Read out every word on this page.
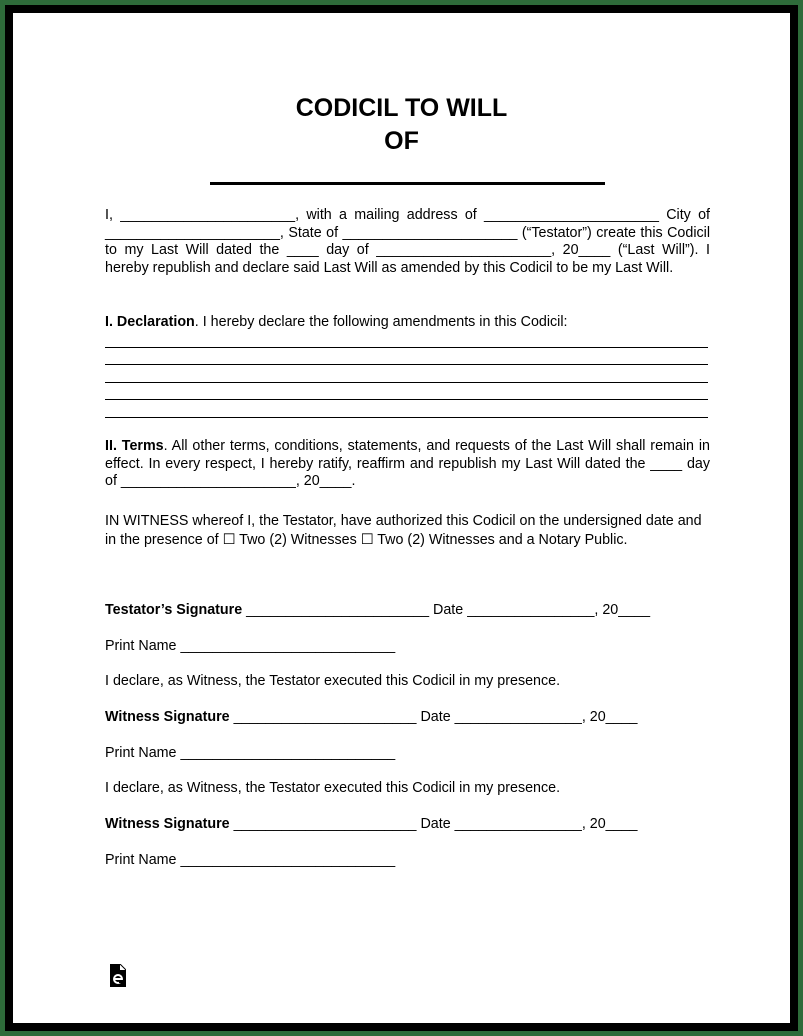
CODICIL TO WILL
OF
I, ______________________, with a mailing address of ______________________ City of ______________________, State of ______________________ (“Testator”) create this Codicil to my Last Will dated the ____ day of ______________________, 20____ (“Last Will”). I hereby republish and declare said Last Will as amended by this Codicil to be my Last Will.
I. Declaration. I hereby declare the following amendments in this Codicil:
II. Terms. All other terms, conditions, statements, and requests of the Last Will shall remain in effect. In every respect, I hereby ratify, reaffirm and republish my Last Will dated the ____ day of ______________________, 20____.
IN WITNESS whereof I, the Testator, have authorized this Codicil on the undersigned date and in the presence of ☐ Two (2) Witnesses ☐ Two (2) Witnesses and a Notary Public.
Testator’s Signature _______________________ Date ________________, 20____
Print Name ___________________________
I declare, as Witness, the Testator executed this Codicil in my presence.
Witness Signature _______________________ Date ________________, 20____
Print Name ___________________________
I declare, as Witness, the Testator executed this Codicil in my presence.
Witness Signature _______________________ Date ________________, 20____
Print Name ___________________________
